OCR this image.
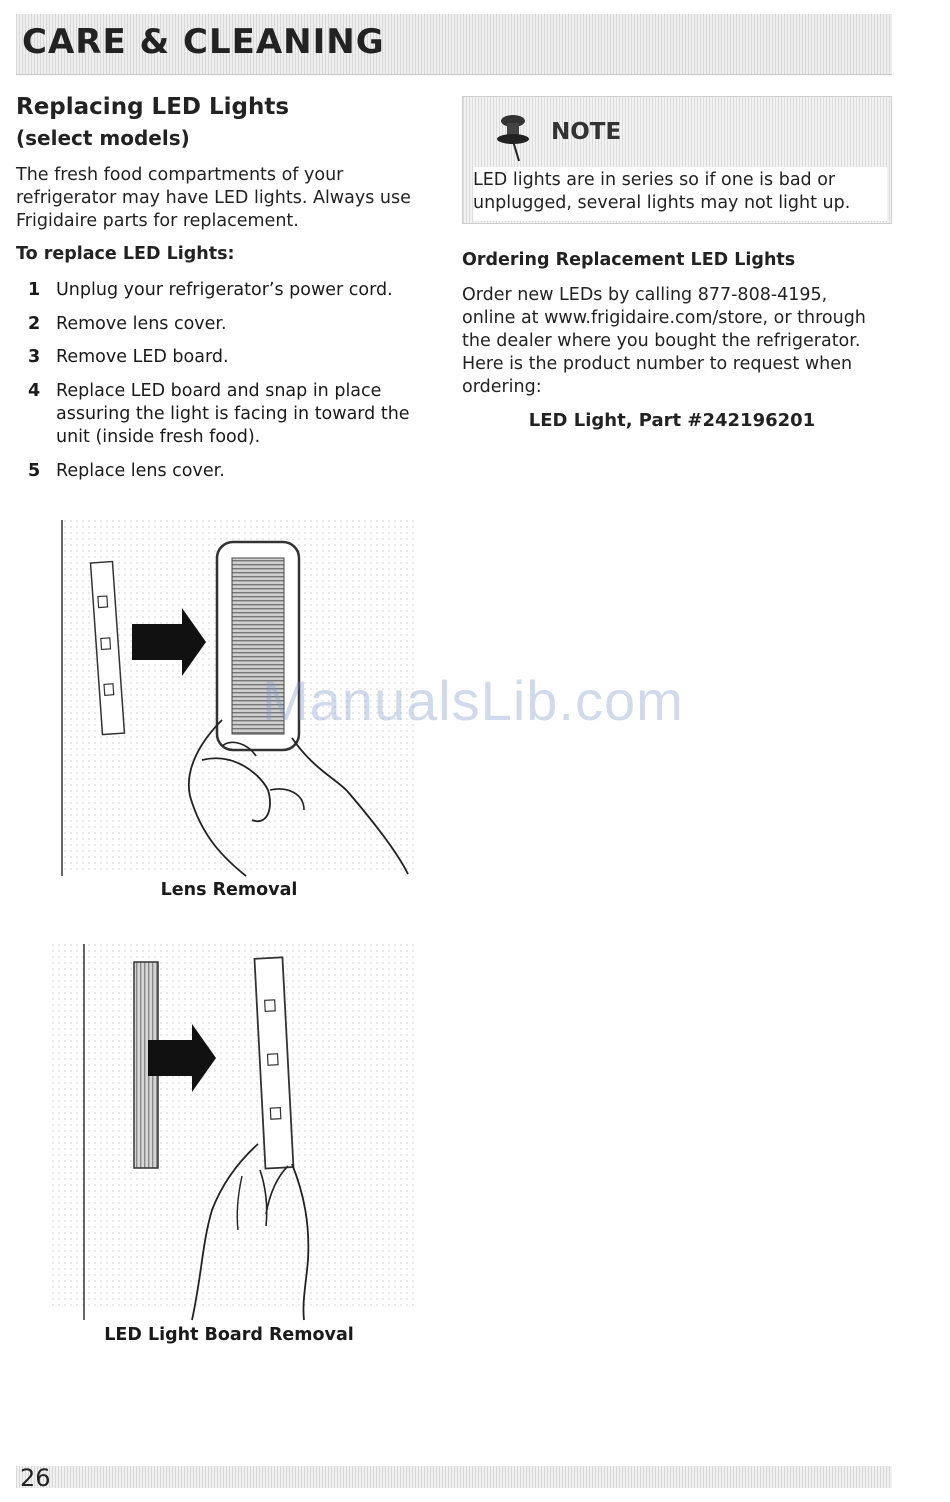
CARE & CLEANING
Replacing LED Lights
(select models)

The fresh food compartments of your

refrigerator may have LED lights. Always use

Frigidaire parts for replacement.

To replace LED Lights:
1 Unplug your refrigerator’s power cord.
2 Remove lens cover.
3 Remove LED board.
4 Replace LED board and snap in place
assuring the light is facing in toward the
unit (inside fresh food).
5 Replace lens cover.
Lens Removal
LED Light Board Removal
NOTE

LED lights are in series so if one is bad or

unplugged, several lights may not light up.

Ordering Replacement LED Lights

Order new LEDs by calling 877-808-4195,

online at www.frigidaire.com/store, or through

the dealer where you bought the refrigerator.

Here is the product number to request when

ordering:

LED Light, Part #242196201
ManualsLib.com
26
